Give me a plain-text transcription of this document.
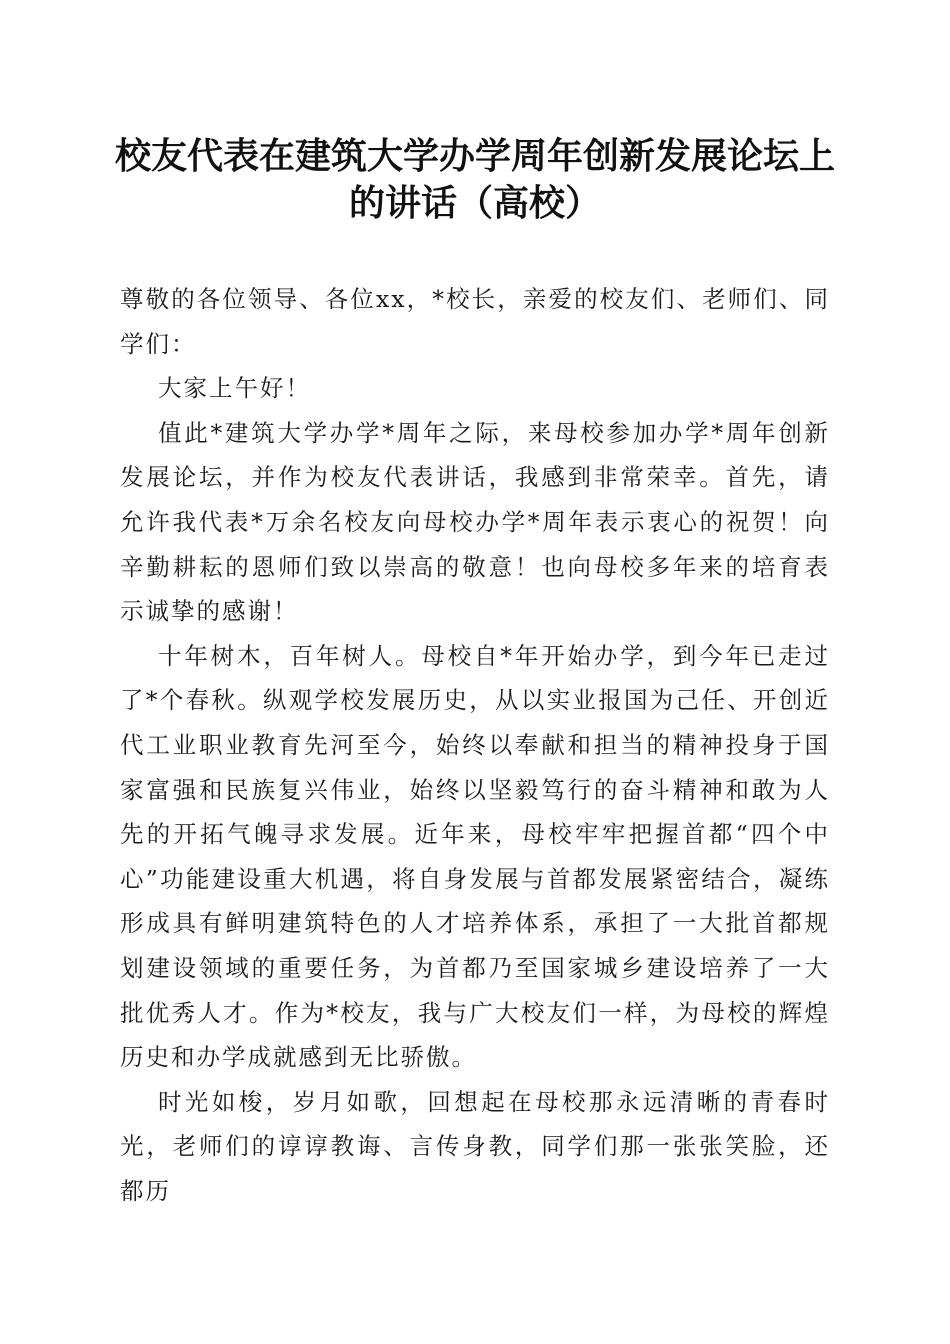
校友代表在建筑大学办学周年创新发展论坛上
的讲话（高校）

尊敬的各位领导、各位xx，*校长，亲爱的校友们、老师们、同学们：

大家上午好！

值此*建筑大学办学*周年之际，来母校参加办学*周年创新发展论坛，并作为校友代表讲话，我感到非常荣幸。首先，请允许我代表*万余名校友向母校办学*周年表示衷心的祝贺！向辛勤耕耘的恩师们致以崇高的敬意！也向母校多年来的培育表示诚挚的感谢！

十年树木，百年树人。母校自*年开始办学，到今年已走过了*个春秋。纵观学校发展历史，从以实业报国为己任、开创近代工业职业教育先河至今，始终以奉献和担当的精神投身于国家富强和民族复兴伟业，始终以坚毅笃行的奋斗精神和敢为人先的开拓气魄寻求发展。近年来，母校牢牢把握首都“四个中心”功能建设重大机遇，将自身发展与首都发展紧密结合，凝练形成具有鲜明建筑特色的人才培养体系，承担了一大批首都规划建设领域的重要任务，为首都乃至国家城乡建设培养了一大批优秀人才。作为*校友，我与广大校友们一样，为母校的辉煌历史和办学成就感到无比骄傲。

时光如梭，岁月如歌，回想起在母校那永远清晰的青春时光，老师们的谆谆教诲、言传身教，同学们那一张张笑脸，还都历
